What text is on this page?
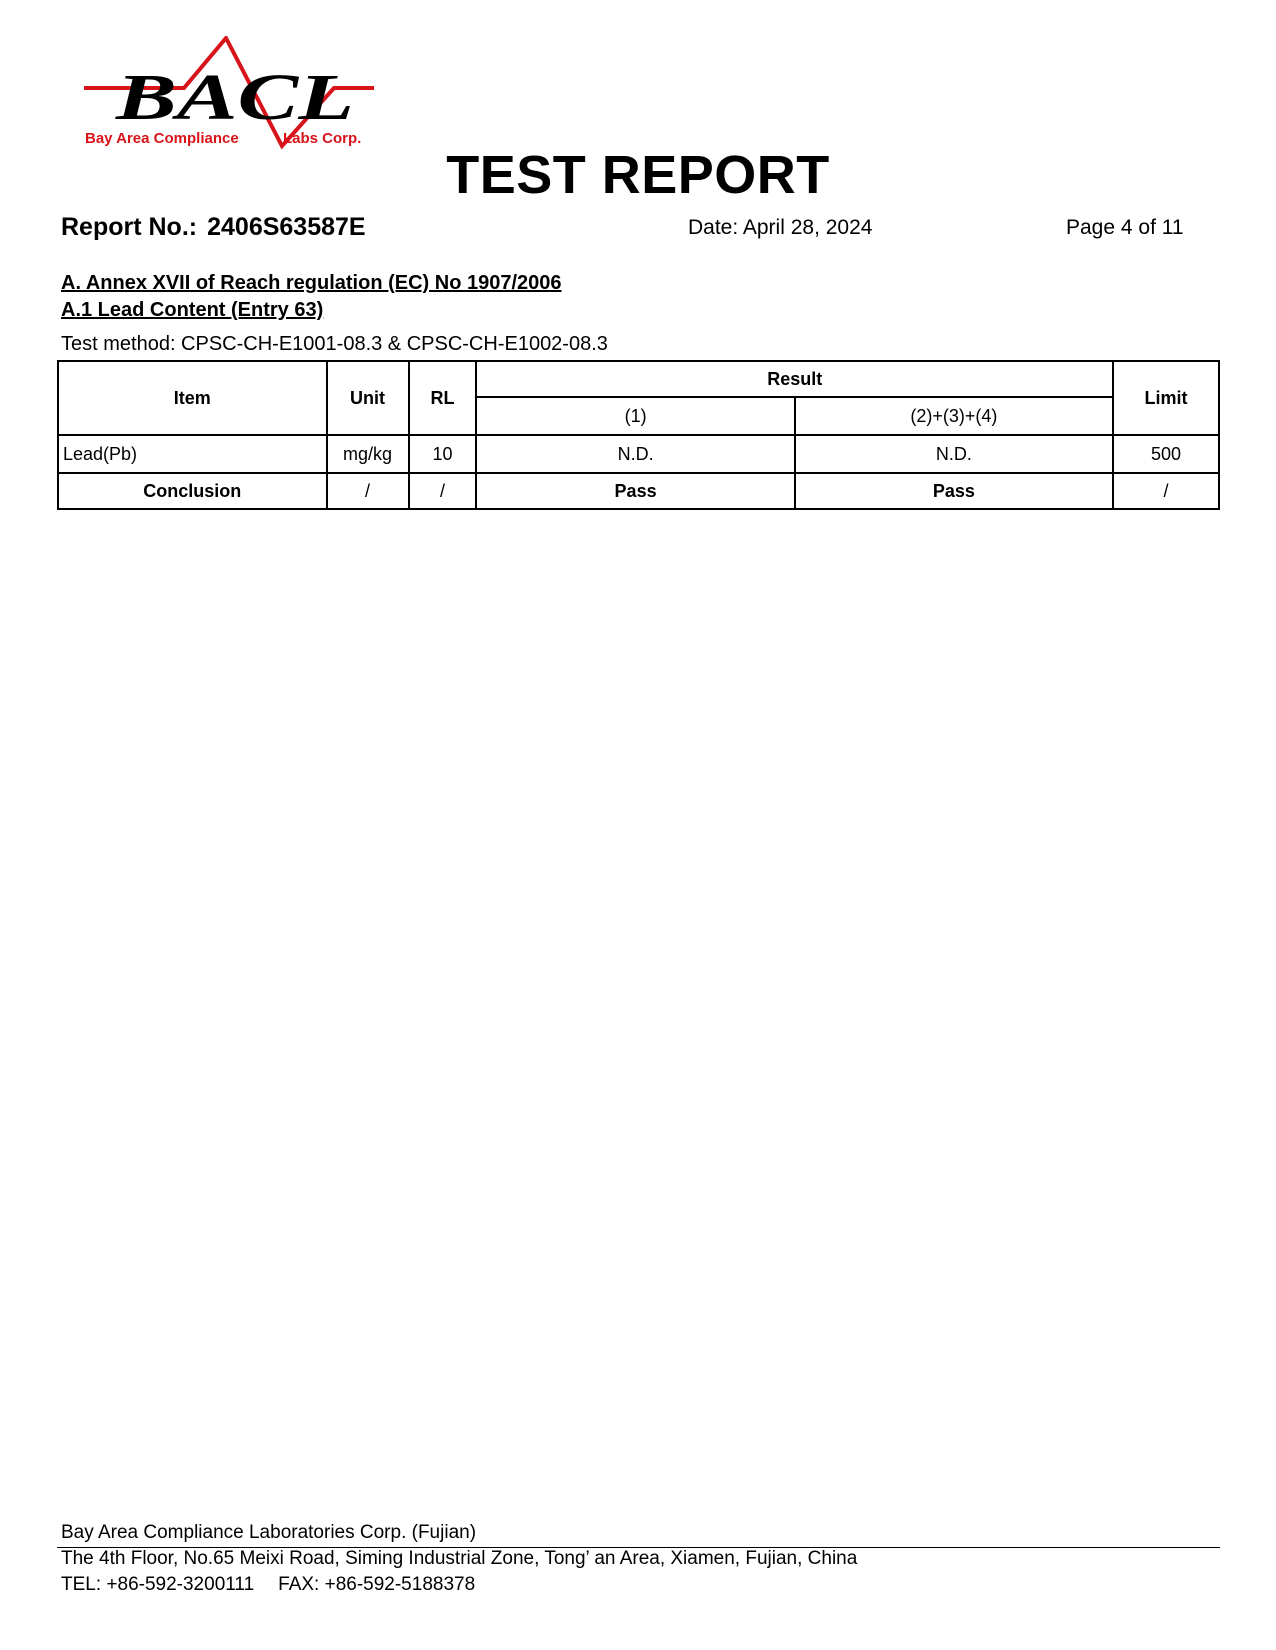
BACL
Bay Area Compliance	Labs Corp.
TEST REPORT
Report No.: 2406S63587E	Date: April 28, 2024	Page 4 of 11
A. Annex XVII of Reach regulation (EC) No 1907/2006
A.1 Lead Content (Entry 63)
Test method: CPSC-CH-E1001-08.3 & CPSC-CH-E1002-08.3
Item	Unit	RL	Result		Limit
			(1)	(2)+(3)+(4)	
Lead(Pb)	mg/kg	10	N.D.	N.D.	500
Conclusion	/	/	Pass	Pass	/
Bay Area Compliance Laboratories Corp. (Fujian)
The 4th Floor, No.65 Meixi Road, Siming Industrial Zone, Tong’ an Area, Xiamen, Fujian, China
TEL: +86-592-3200111 FAX: +86-592-5188378
